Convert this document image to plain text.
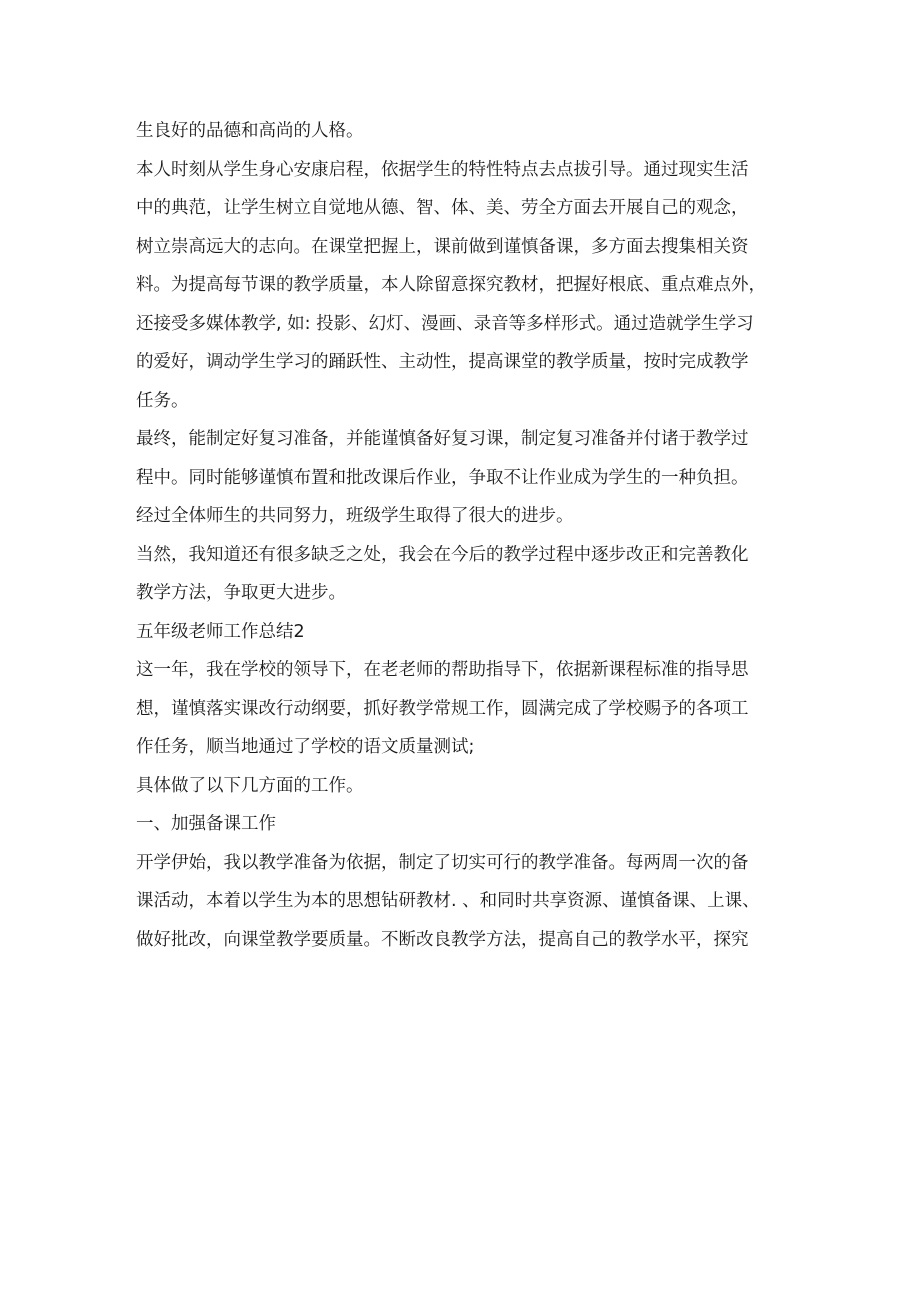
生良好的品德和高尚的人格。
本人时刻从学生身心安康启程，依据学生的特性特点去点拔引导。通过现实生活
中的典范，让学生树立自觉地从德、智、体、美、劳全方面去开展自己的观念，
树立崇高远大的志向。在课堂把握上，课前做到谨慎备课，多方面去搜集相关资
料。为提高每节课的教学质量，本人除留意探究教材，把握好根底、重点难点外，
还接受多媒体教学, 如: 投影、幻灯、漫画、录音等多样形式。通过造就学生学习
的爱好，调动学生学习的踊跃性、主动性，提高课堂的教学质量，按时完成教学
任务。
最终，能制定好复习准备，并能谨慎备好复习课，制定复习准备并付诸于教学过
程中。同时能够谨慎布置和批改课后作业，争取不让作业成为学生的一种负担。
经过全体师生的共同努力，班级学生取得了很大的进步。
当然，我知道还有很多缺乏之处，我会在今后的教学过程中逐步改正和完善教化
教学方法，争取更大进步。
五年级老师工作总结2
这一年，我在学校的领导下，在老老师的帮助指导下，依据新课程标准的指导思
想，谨慎落实课改行动纲要，抓好教学常规工作，圆满完成了学校赐予的各项工
作任务，顺当地通过了学校的语文质量测试;
具体做了以下几方面的工作。
一、加强备课工作
开学伊始，我以教学准备为依据，制定了切实可行的教学准备。每两周一次的备
课活动，本着以学生为本的思想钻研教材. 、和同时共享资源、谨慎备课、上课、
做好批改，向课堂教学要质量。不断改良教学方法，提高自己的教学水平，探究
